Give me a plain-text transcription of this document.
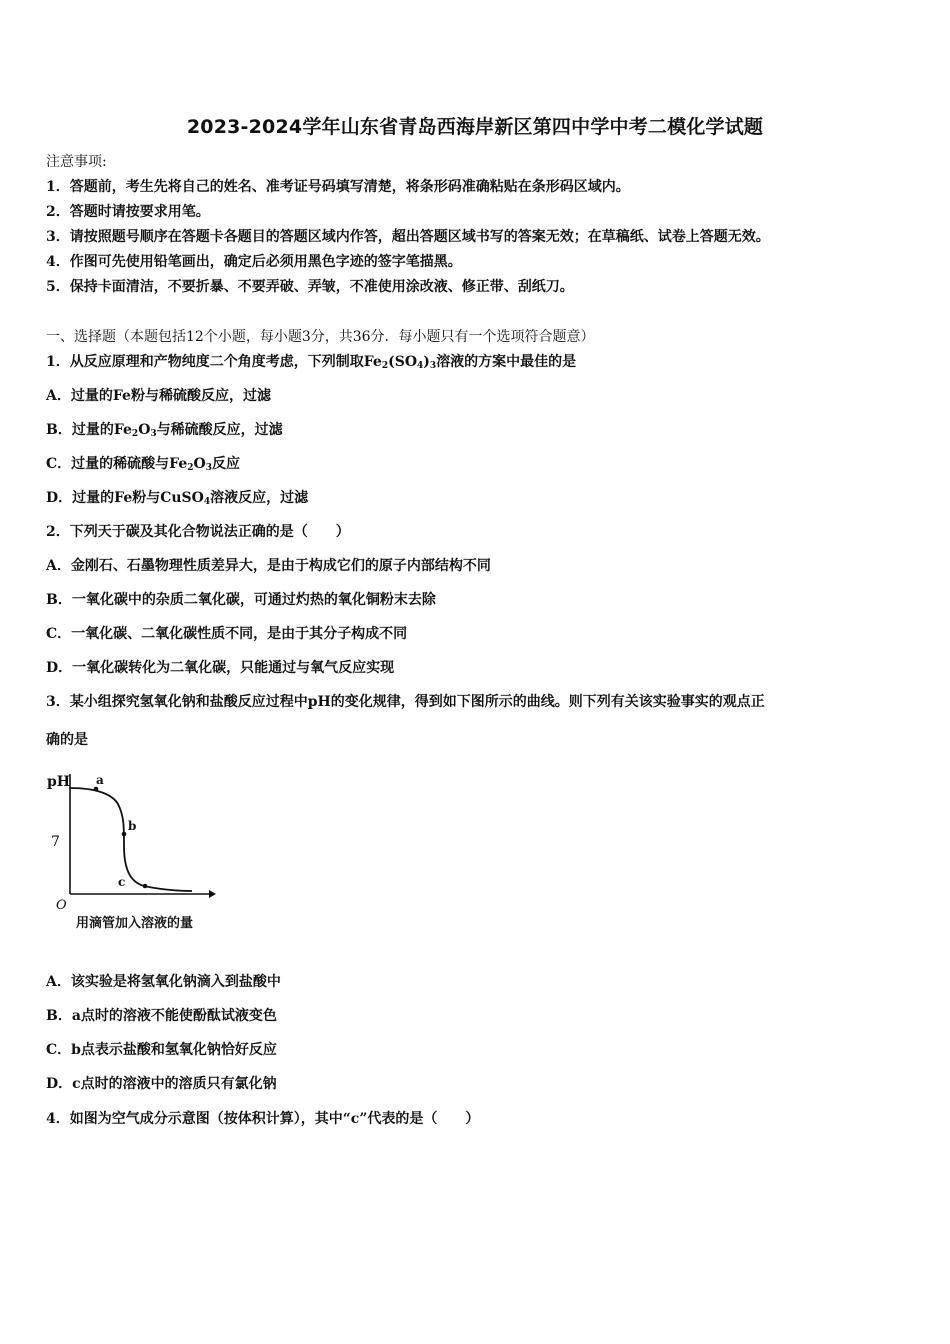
2023-2024学年山东省青岛西海岸新区第四中学中考二模化学试题
注意事项:
1．答题前，考生先将自己的姓名、准考证号码填写清楚，将条形码准确粘贴在条形码区域内。
2．答题时请按要求用笔。
3．请按照题号顺序在答题卡各题目的答题区域内作答，超出答题区域书写的答案无效；在草稿纸、试卷上答题无效。
4．作图可先使用铅笔画出，确定后必须用黑色字迹的签字笔描黑。
5．保持卡面清洁，不要折暴、不要弄破、弄皱，不准使用涂改液、修正带、刮纸刀。
一、选择题（本题包括12个小题，每小题3分，共36分．每小题只有一个选项符合题意）
1．从反应原理和产物纯度二个角度考虑，下列制取$Fe_2(SO_4)_3$溶液的方案中最佳的是
A．过量的Fe粉与稀硫酸反应，过滤
B．过量的$Fe_2O_3$与稀硫酸反应，过滤
C．过量的稀硫酸与$Fe_2O_3$反应
D．过量的Fe粉与CuSO$_4$溶液反应，过滤
2．下列天于碳及其化合物说法正确的是（　　）
A．金刚石、石墨物理性质差异大，是由于构成它们的原子内部结构不同
B．一氧化碳中的杂质二氧化碳，可通过灼热的氧化铜粉末去除
C．一氧化碳、二氧化碳性质不同，是由于其分子构成不同
D．一氧化碳转化为二氧化碳，只能通过与氧气反应实现
3．某小组探究氢氧化钠和盐酸反应过程中pH的变化规律，得到如下图所示的曲线。则下列有关该实验事实的观点正
确的是
pH
7
O
a
b
c
用滴管加入溶液的量
A．该实验是将氢氧化钠滴入到盐酸中
B．a点时的溶液不能使酚酞试液变色
C．b点表示盐酸和氢氧化钠恰好反应
D．c点时的溶液中的溶质只有氯化钠
4．如图为空气成分示意图（按体积计算），其中“c”代表的是（　　）
